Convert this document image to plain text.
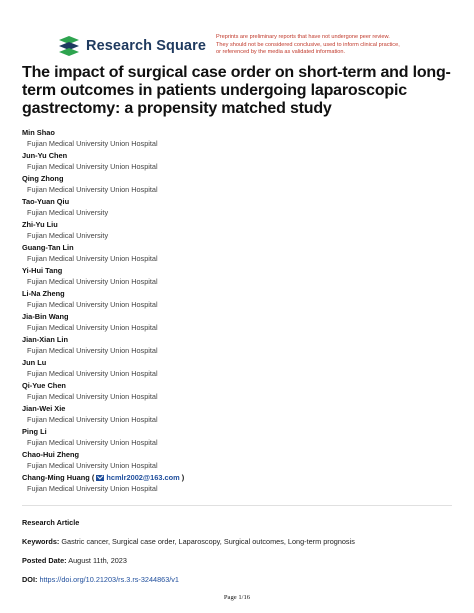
Research Square
Preprints are preliminary reports that have not undergone peer review.
They should not be considered conclusive, used to inform clinical practice,
or referenced by the media as validated information.
The impact of surgical case order on short-term and long-term outcomes in patients undergoing laparoscopic gastrectomy: a propensity matched study
Min Shao
Fujian Medical University Union Hospital
Jun-Yu Chen
Fujian Medical University Union Hospital
Qing Zhong
Fujian Medical University Union Hospital
Tao-Yuan Qiu
Fujian Medical University
Zhi-Yu Liu
Fujian Medical University
Guang-Tan Lin
Fujian Medical University Union Hospital
Yi-Hui Tang
Fujian Medical University Union Hospital
Li-Na Zheng
Fujian Medical University Union Hospital
Jia-Bin Wang
Fujian Medical University Union Hospital
Jian-Xian Lin
Fujian Medical University Union Hospital
Jun Lu
Fujian Medical University Union Hospital
Qi-Yue Chen
Fujian Medical University Union Hospital
Jian-Wei Xie
Fujian Medical University Union Hospital
Ping Li
Fujian Medical University Union Hospital
Chao-Hui Zheng
Fujian Medical University Union Hospital
Chang-Ming Huang ( hcmlr2002@163.com )
Fujian Medical University Union Hospital
Research Article
Keywords: Gastric cancer, Surgical case order, Laparoscopy, Surgical outcomes, Long-term prognosis
Posted Date: August 11th, 2023
DOI: https://doi.org/10.21203/rs.3.rs-3244863/v1
Page 1/16
